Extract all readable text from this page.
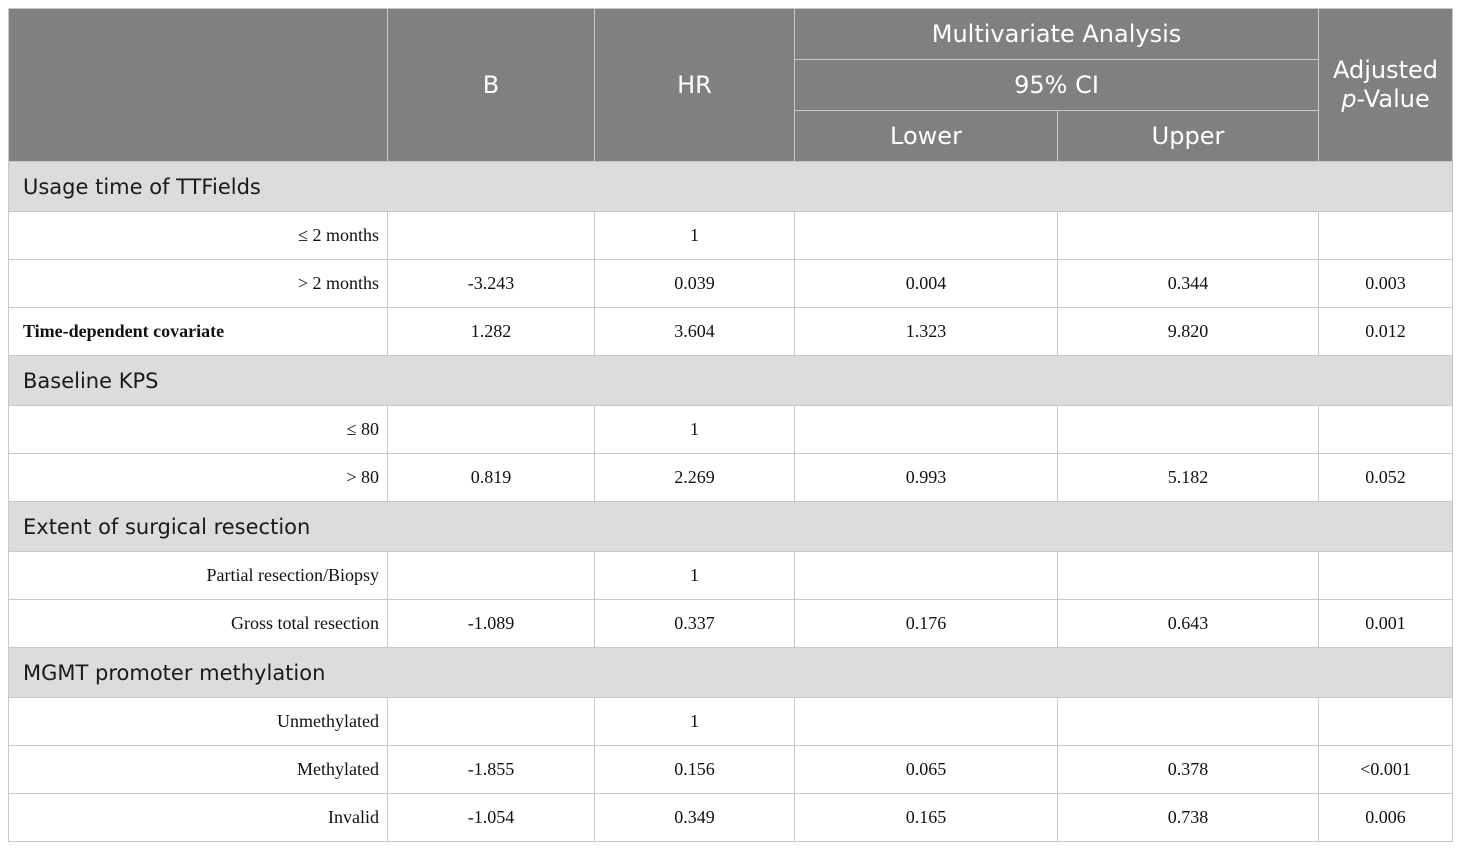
	B	HR	Multivariate Analysis		Adjusted
p-Value
			95% CI		
			Lower	Upper	
Usage time of TTFields					
≤ 2 months		1			
> 2 months	-3.243	0.039	0.004	0.344	0.003
Time-dependent covariate	1.282	3.604	1.323	9.820	0.012
Baseline KPS					
≤ 80		1			
> 80	0.819	2.269	0.993	5.182	0.052
Extent of surgical resection					
Partial resection/Biopsy		1			
Gross total resection	-1.089	0.337	0.176	0.643	0.001
MGMT promoter methylation					
Unmethylated		1			
Methylated	-1.855	0.156	0.065	0.378	<0.001
Invalid	-1.054	0.349	0.165	0.738	0.006
